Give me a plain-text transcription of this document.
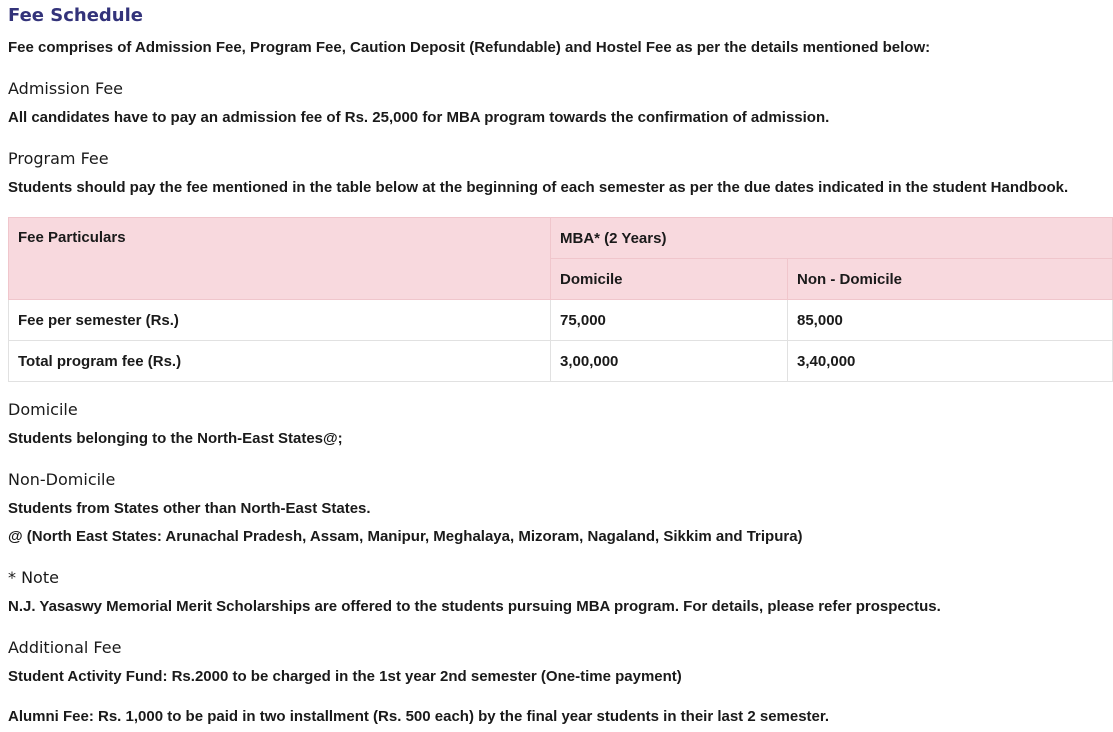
Fee Schedule

Fee comprises of Admission Fee, Program Fee, Caution Deposit (Refundable) and Hostel Fee as per the details mentioned below:

Admission Fee

All candidates have to pay an admission fee of Rs. 25,000 for MBA program towards the confirmation of admission.

Program Fee

Students should pay the fee mentioned in the table below at the beginning of each semester as per the due dates indicated in the student Handbook.

Fee Particulars	MBA* (2 Years)	
	Domicile	Non - Domicile
Fee per semester (Rs.)	75,000	85,000
Total program fee (Rs.)	3,00,000	3,40,000
Domicile

Students belonging to the North-East States@;

Non-Domicile

Students from States other than North-East States.

@ (North East States: Arunachal Pradesh, Assam, Manipur, Meghalaya, Mizoram, Nagaland, Sikkim and Tripura)

* Note

N.J. Yasaswy Memorial Merit Scholarships are offered to the students pursuing MBA program. For details, please refer prospectus.

Additional Fee

Student Activity Fund: Rs.2000 to be charged in the 1st year 2nd semester (One-time payment)

Alumni Fee: Rs. 1,000 to be paid in two installment (Rs. 500 each) by the final year students in their last 2 semester.
